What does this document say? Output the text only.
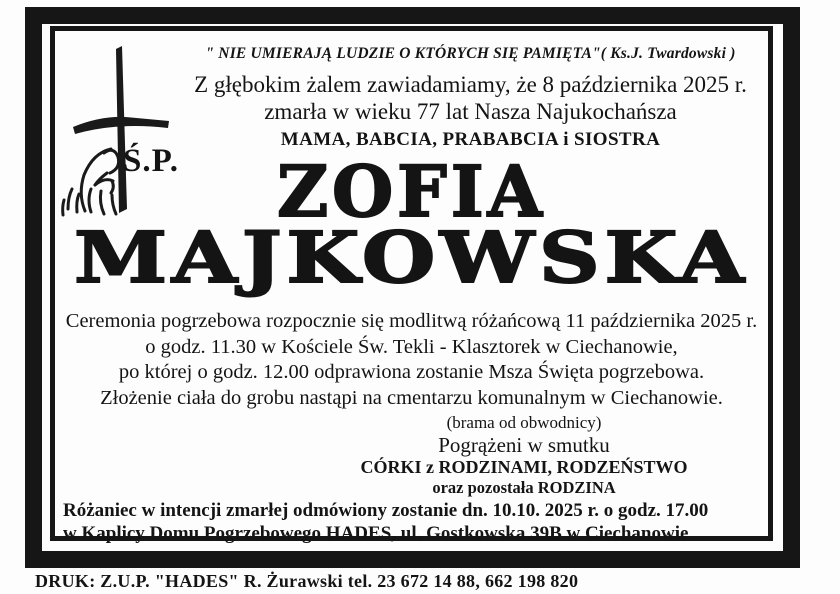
Ś.P.
" NIE UMIERAJĄ LUDZIE O KTÓRYCH SIĘ PAMIĘTA"( Ks.J. Twardowski )
Z głębokim żalem zawiadamiamy, że 8 października 2025 r.
zmarła w wieku 77 lat Nasza Najukochańsza
MAMA, BABCIA, PRABABCIA i SIOSTRA
ZOFIA
MAJKOWSKA
Ceremonia pogrzebowa rozpocznie się modlitwą różańcową 11 października 2025 r.
o godz. 11.30 w Kościele Św. Tekli - Klasztorek w Ciechanowie,
po której o godz. 12.00 odprawiona zostanie Msza Święta pogrzebowa.
Złożenie ciała do grobu nastąpi na cmentarzu komunalnym w Ciechanowie.
(brama od obwodnicy)
Pogrążeni w smutku
CÓRKI z RODZINAMI, RODZEŃSTWO
oraz pozostała RODZINA
Różaniec w intencji zmarłej odmówiony zostanie dn. 10.10. 2025 r. o godz. 17.00
w Kaplicy Domu Pogrzebowego HADES, ul. Gostkowska 39B w Ciechanowie
DRUK: Z.U.P. "HADES" R. Żurawski tel. 23 672 14 88, 662 198 820
